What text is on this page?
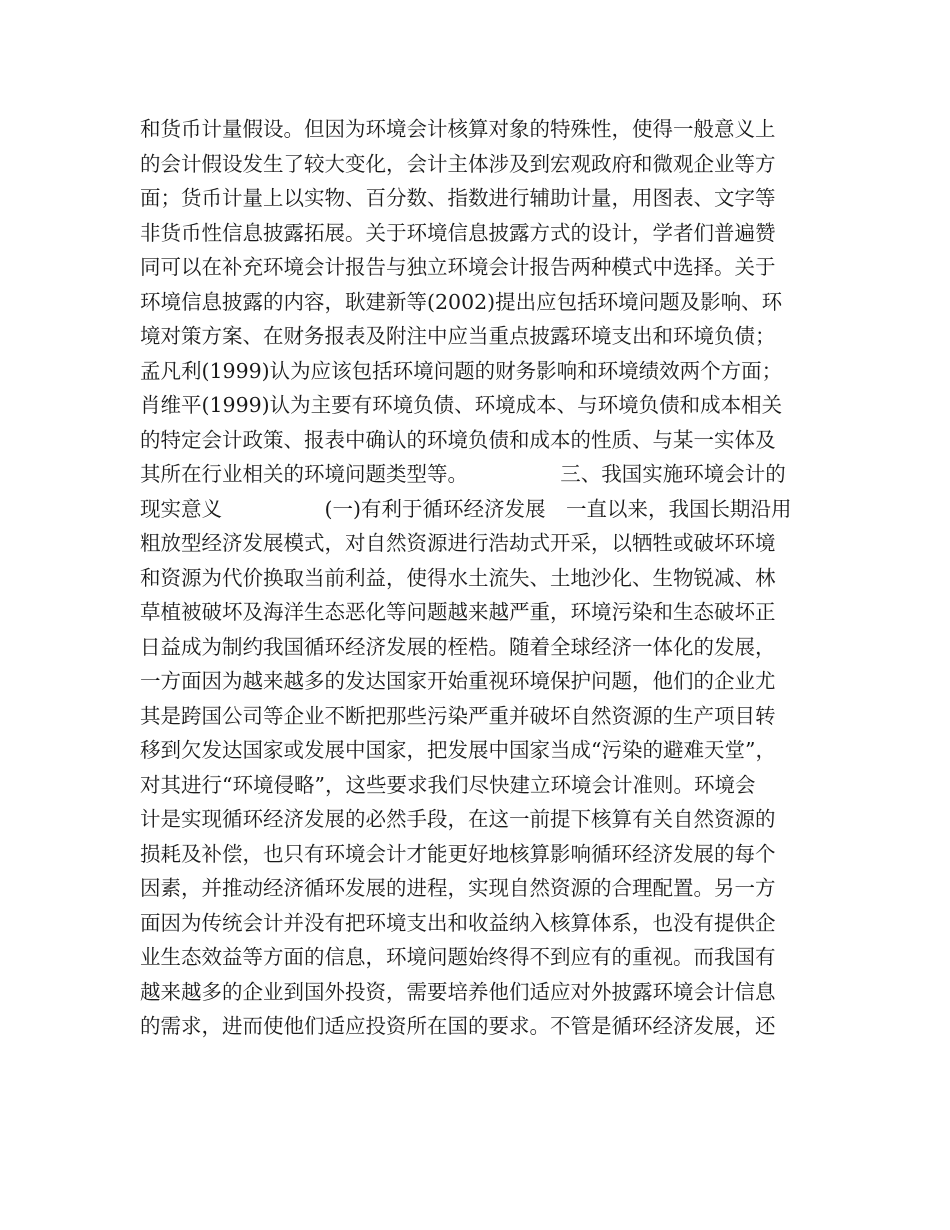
和货币计量假设。但因为环境会计核算对象的特殊性，使得一般意义上
的会计假设发生了较大变化，会计主体涉及到宏观政府和微观企业等方
面；货币计量上以实物、百分数、指数进行辅助计量，用图表、文字等
非货币性信息披露拓展。关于环境信息披露方式的设计，学者们普遍赞
同可以在补充环境会计报告与独立环境会计报告两种模式中选择。关于
环境信息披露的内容，耿建新等(2002)提出应包括环境问题及影响、环
境对策方案、在财务报表及附注中应当重点披露环境支出和环境负债；
孟凡利(1999)认为应该包括环境问题的财务影响和环境绩效两个方面；
肖维平(1999)认为主要有环境负债、环境成本、与环境负债和成本相关
的特定会计政策、报表中确认的环境负债和成本的性质、与某一实体及
其所在行业相关的环境问题类型等。　　　　　三、我国实施环境会计的
现实意义　　　　　(一)有利于循环经济发展　一直以来，我国长期沿用
粗放型经济发展模式，对自然资源进行浩劫式开采，以牺牲或破坏环境
和资源为代价换取当前利益，使得水土流失、土地沙化、生物锐减、林
草植被破坏及海洋生态恶化等问题越来越严重，环境污染和生态破坏正
日益成为制约我国循环经济发展的桎梏。随着全球经济一体化的发展，
一方面因为越来越多的发达国家开始重视环境保护问题，他们的企业尤
其是跨国公司等企业不断把那些污染严重并破坏自然资源的生产项目转
移到欠发达国家或发展中国家，把发展中国家当成“污染的避难天堂”，
对其进行“环境侵略”，这些要求我们尽快建立环境会计准则。环境会
计是实现循环经济发展的必然手段，在这一前提下核算有关自然资源的
损耗及补偿，也只有环境会计才能更好地核算影响循环经济发展的每个
因素，并推动经济循环发展的进程，实现自然资源的合理配置。另一方
面因为传统会计并没有把环境支出和收益纳入核算体系，也没有提供企
业生态效益等方面的信息，环境问题始终得不到应有的重视。而我国有
越来越多的企业到国外投资，需要培养他们适应对外披露环境会计信息
的需求，进而使他们适应投资所在国的要求。不管是循环经济发展，还
